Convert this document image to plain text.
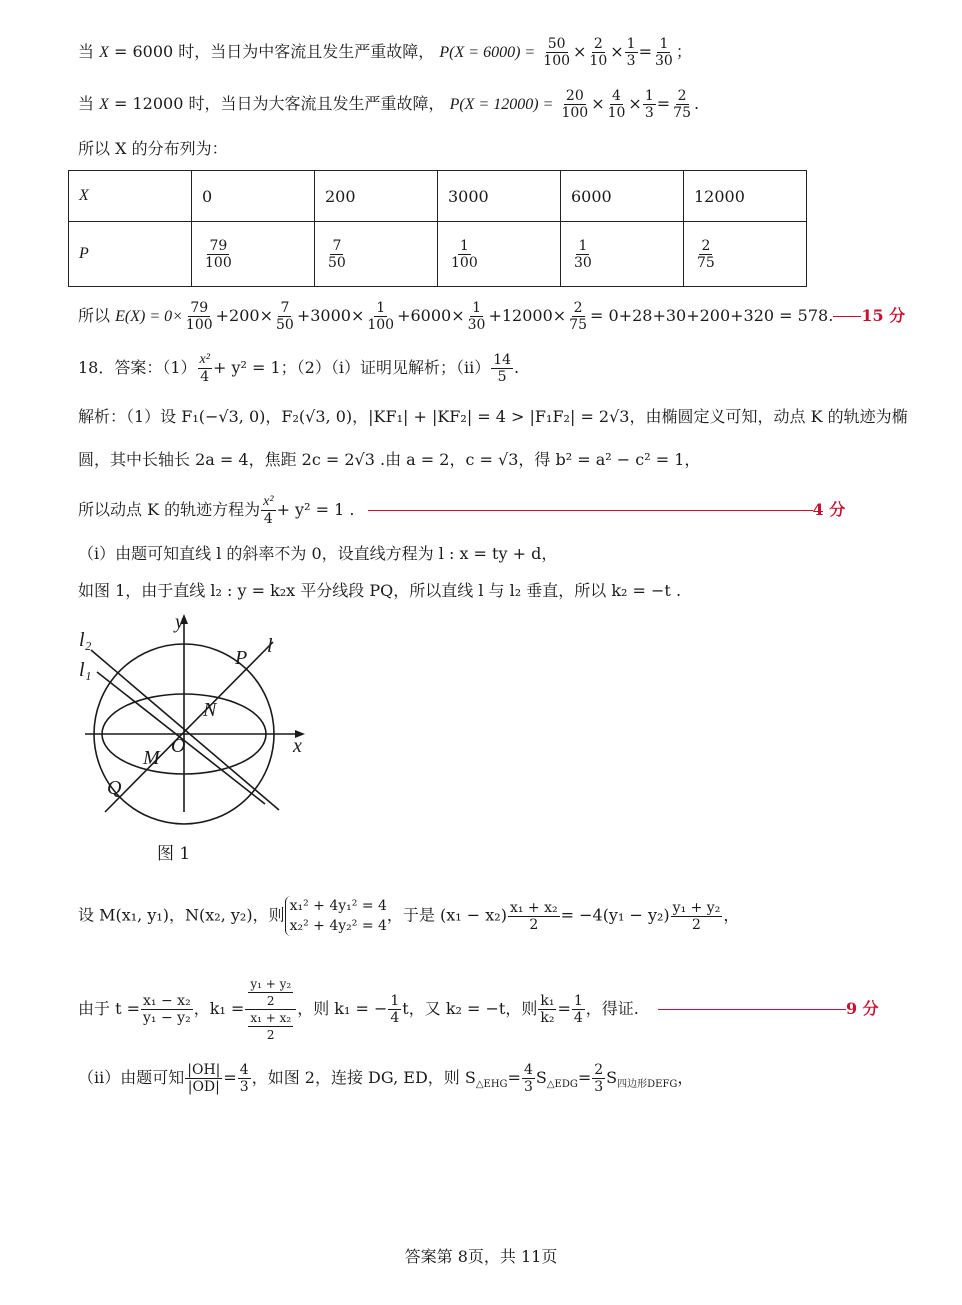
当 X = 6000 时，当日为中客流且发生严重故障， $P(X = 6000) = \frac{50}{100} \times \frac{2}{10} \times \frac{1}{3} = \frac{1}{30}$ ；
当 X = 12000 时，当日为大客流且发生严重故障， $P(X = 12000) = \frac{20}{100} \times \frac{4}{10} \times \frac{1}{3} = \frac{2}{75}$ .
所以 X 的分布列为：
X	0	200	3000	6000	12000
P	$\frac{79}{100}$	$\frac{7}{50}$	$\frac{1}{100}$	$\frac{1}{30}$	$\frac{2}{75}$
所以 $E(X) = 0\times \frac{79}{100} +200\times \frac{7}{50} +3000\times \frac{1}{100} +6000\times \frac{1}{30} +12000\times \frac{2}{75} = 0+28+30+200+320 = 578$. 15 分
18．答案：$(1) \frac{\text{x²}}{4} + y^2 = 1$；（2）（i）证明见解析；$(ii) \frac{14}{5}$ .
解析：（1）设 F₁(−√3, 0)，F₂(√3, 0)，|KF₁| + |KF₂| = 4 > |F₁F₂| = 2√3，由椭圆定义可知，动点 K 的轨迹为椭
圆，其中长轴长 2a = 4，焦距 2c = 2√3 .由 a = 2，c = √3，得 b² = a² − c² = 1，
所以动点 K 的轨迹方程为 $\frac{\text{x²}}{4} + y^2 = 1$ .	4 分
（i）由题可知直线 l 的斜率不为 0，设直线方程为 l : x = ty + d，
如图 1，由于直线 l₂ : y = k₂x 平分线段 PQ，所以直线 l 与 l₂ 垂直，所以 k₂ = −t .
y
x
l
l₂
l₁
P
N
O
M
Q
图 1
设 M(x₁, y₁)，N(x₂, y₂)，则 x₁² + 4y₁² = 4
x₂² + 4y₂² = 4
，于是 $(x_1 - x_2) \frac{\text{x₁ + x₂}}{2} = -4(y_1 - y_2) \frac{\text{y₁ + y₂}}{2}$ ，
由于 $t = \frac{\text{x₁ − x₂}}{\text{y₁ − y₂}}$ ，$k_1 = \frac{\frac{\text{y₁ + y₂}}{2}}{\frac{\text{x₁ + x₂}}{2}}$ ，则 k₁ = − $\frac{1}{4}$ t，又 k₂ = −t，则 $\frac{\text{k₁}}{\text{k₂}} = \frac{1}{4}$ ，得证.	9 分
（ii）由题可知 $\frac{|OH|}{|OD|} = \frac{4}{3}$ ，如图 2，连接 DG, ED，则 $S_{\triangle EHG}= \frac{4}{3} S_{\triangle EDG}= \frac{2}{3} S_{四边形DEFG}$，
答案第 8页，共 11页
